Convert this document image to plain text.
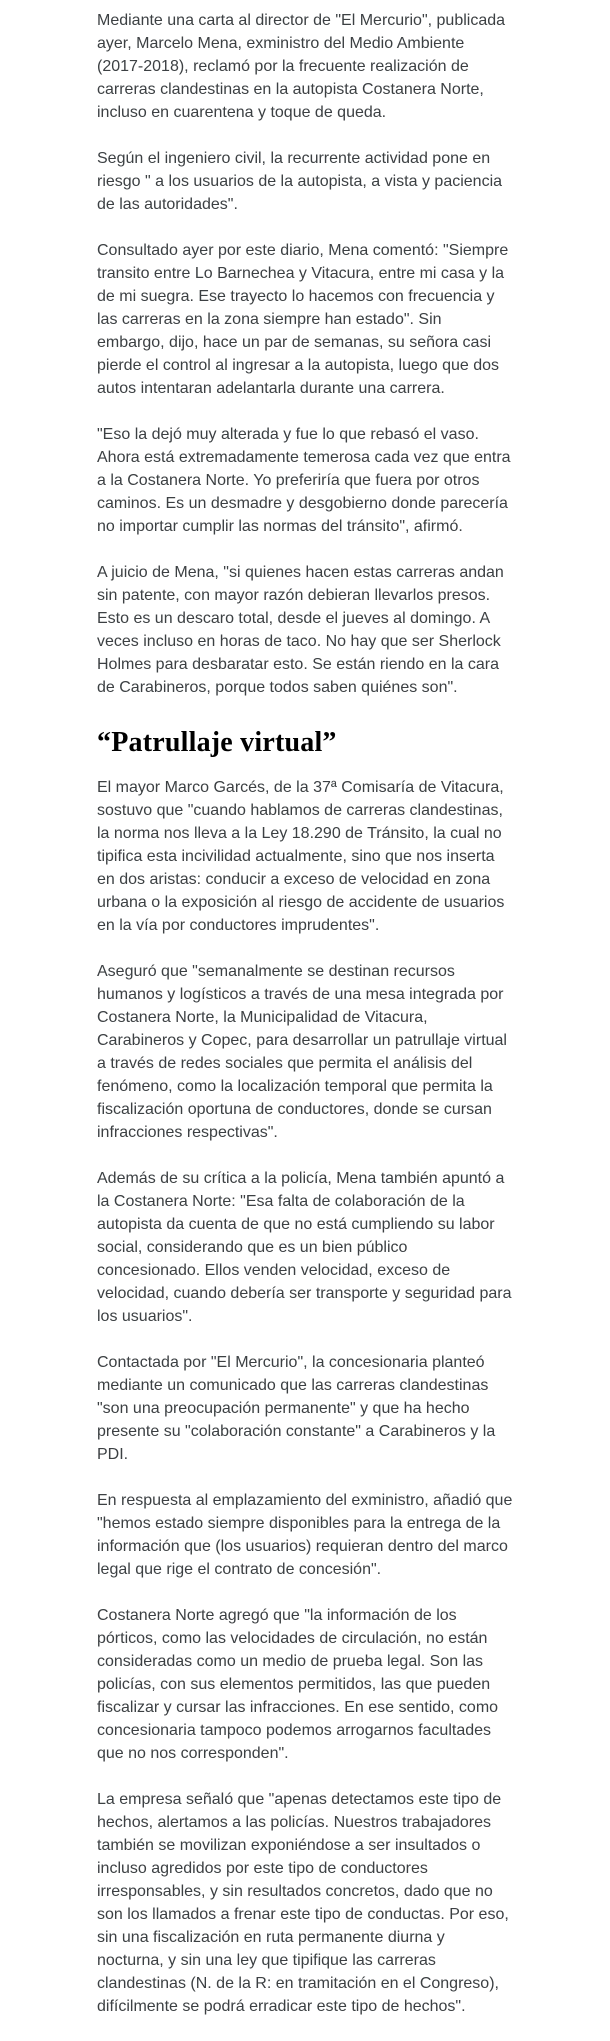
Mediante una carta al director de "El Mercurio", publicada ayer, Marcelo Mena, exministro del Medio Ambiente (2017-2018), reclamó por la frecuente realización de carreras clandestinas en la autopista Costanera Norte, incluso en cuarentena y toque de queda.

Según el ingeniero civil, la recurrente actividad pone en riesgo " a los usuarios de la autopista, a vista y paciencia de las autoridades".

Consultado ayer por este diario, Mena comentó: "Siempre transito entre Lo Barnechea y Vitacura, entre mi casa y la de mi suegra. Ese trayecto lo hacemos con frecuencia y las carreras en la zona siempre han estado". Sin embargo, dijo, hace un par de semanas, su señora casi pierde el control al ingresar a la autopista, luego que dos autos intentaran adelantarla durante una carrera.

"Eso la dejó muy alterada y fue lo que rebasó el vaso. Ahora está extremadamente temerosa cada vez que entra a la Costanera Norte. Yo preferiría que fuera por otros caminos. Es un desmadre y desgobierno donde parecería no importar cumplir las normas del tránsito", afirmó.

A juicio de Mena, "si quienes hacen estas carreras andan sin patente, con mayor razón debieran llevarlos presos. Esto es un descaro total, desde el jueves al domingo. A veces incluso en horas de taco. No hay que ser Sherlock Holmes para desbaratar esto. Se están riendo en la cara de Carabineros, porque todos saben quiénes son".

“Patrullaje virtual”

El mayor Marco Garcés, de la 37ª Comisaría de Vitacura, sostuvo que "cuando hablamos de carreras clandestinas, la norma nos lleva a la Ley 18.290 de Tránsito, la cual no tipifica esta incivilidad actualmente, sino que nos inserta en dos aristas: conducir a exceso de velocidad en zona urbana o la exposición al riesgo de accidente de usuarios en la vía por conductores imprudentes".

Aseguró que "semanalmente se destinan recursos humanos y logísticos a través de una mesa integrada por Costanera Norte, la Municipalidad de Vitacura, Carabineros y Copec, para desarrollar un patrullaje virtual a través de redes sociales que permita el análisis del fenómeno, como la localización temporal que permita la fiscalización oportuna de conductores, donde se cursan infracciones respectivas".

Además de su crítica a la policía, Mena también apuntó a la Costanera Norte: "Esa falta de colaboración de la autopista da cuenta de que no está cumpliendo su labor social, considerando que es un bien público concesionado. Ellos venden velocidad, exceso de velocidad, cuando debería ser transporte y seguridad para los usuarios".

Contactada por "El Mercurio", la concesionaria planteó mediante un comunicado que las carreras clandestinas "son una preocupación permanente" y que ha hecho presente su "colaboración constante" a Carabineros y la PDI.

En respuesta al emplazamiento del exministro, añadió que "hemos estado siempre disponibles para la entrega de la información que (los usuarios) requieran dentro del marco legal que rige el contrato de concesión".

Costanera Norte agregó que "la información de los pórticos, como las velocidades de circulación, no están consideradas como un medio de prueba legal. Son las policías, con sus elementos permitidos, las que pueden fiscalizar y cursar las infracciones. En ese sentido, como concesionaria tampoco podemos arrogarnos facultades que no nos corresponden".

La empresa señaló que "apenas detectamos este tipo de hechos, alertamos a las policías. Nuestros trabajadores también se movilizan exponiéndose a ser insultados o incluso agredidos por este tipo de conductores irresponsables, y sin resultados concretos, dado que no son los llamados a frenar este tipo de conductas. Por eso, sin una fiscalización en ruta permanente diurna y nocturna, y sin una ley que tipifique las carreras clandestinas (N. de la R: en tramitación en el Congreso), difícilmente se podrá erradicar este tipo de hechos".
